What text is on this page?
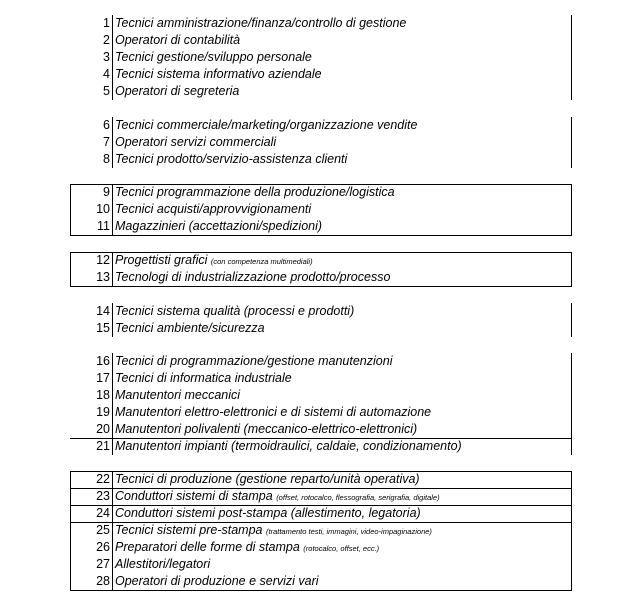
1 Tecnici amministrazione/finanza/controllo di gestione
2 Operatori di contabilità
3 Tecnici gestione/sviluppo personale
4 Tecnici sistema informativo aziendale
5 Operatori di segreteria
6 Tecnici commerciale/marketing/organizzazione vendite
7 Operatori servizi commerciali
8 Tecnici prodotto/servizio-assistenza clienti
9 Tecnici programmazione della produzione/logistica
10 Tecnici acquisti/approvvigionamenti
11 Magazzinieri (accettazioni/spedizioni)
12 Progettisti grafici (con competenza multimediali)
13 Tecnologi di industrializzazione prodotto/processo
14 Tecnici sistema qualità (processi e prodotti)
15 Tecnici ambiente/sicurezza
16 Tecnici di programmazione/gestione manutenzioni
17 Tecnici di informatica industriale
18 Manutentori meccanici
19 Manutentori elettro-elettronici e di sistemi di automazione
20 Manutentori polivalenti (meccanico-elettrico-elettronici)
21 Manutentori impianti (termoidraulici, caldaie, condizionamento)
22 Tecnici di produzione (gestione reparto/unità operativa)
23 Conduttori sistemi di stampa (offset, rotocalco, flessografia, serigrafia, digitale)
24 Conduttori sistemi post-stampa (allestimento, legatoria)
25 Tecnici sistemi pre-stampa (trattamento testi, immagini, video-impaginazione)
26 Preparatori delle forme di stampa (rotocalco, offset, ecc.)
27 Allestitori/legatori
28 Operatori di produzione e servizi vari
